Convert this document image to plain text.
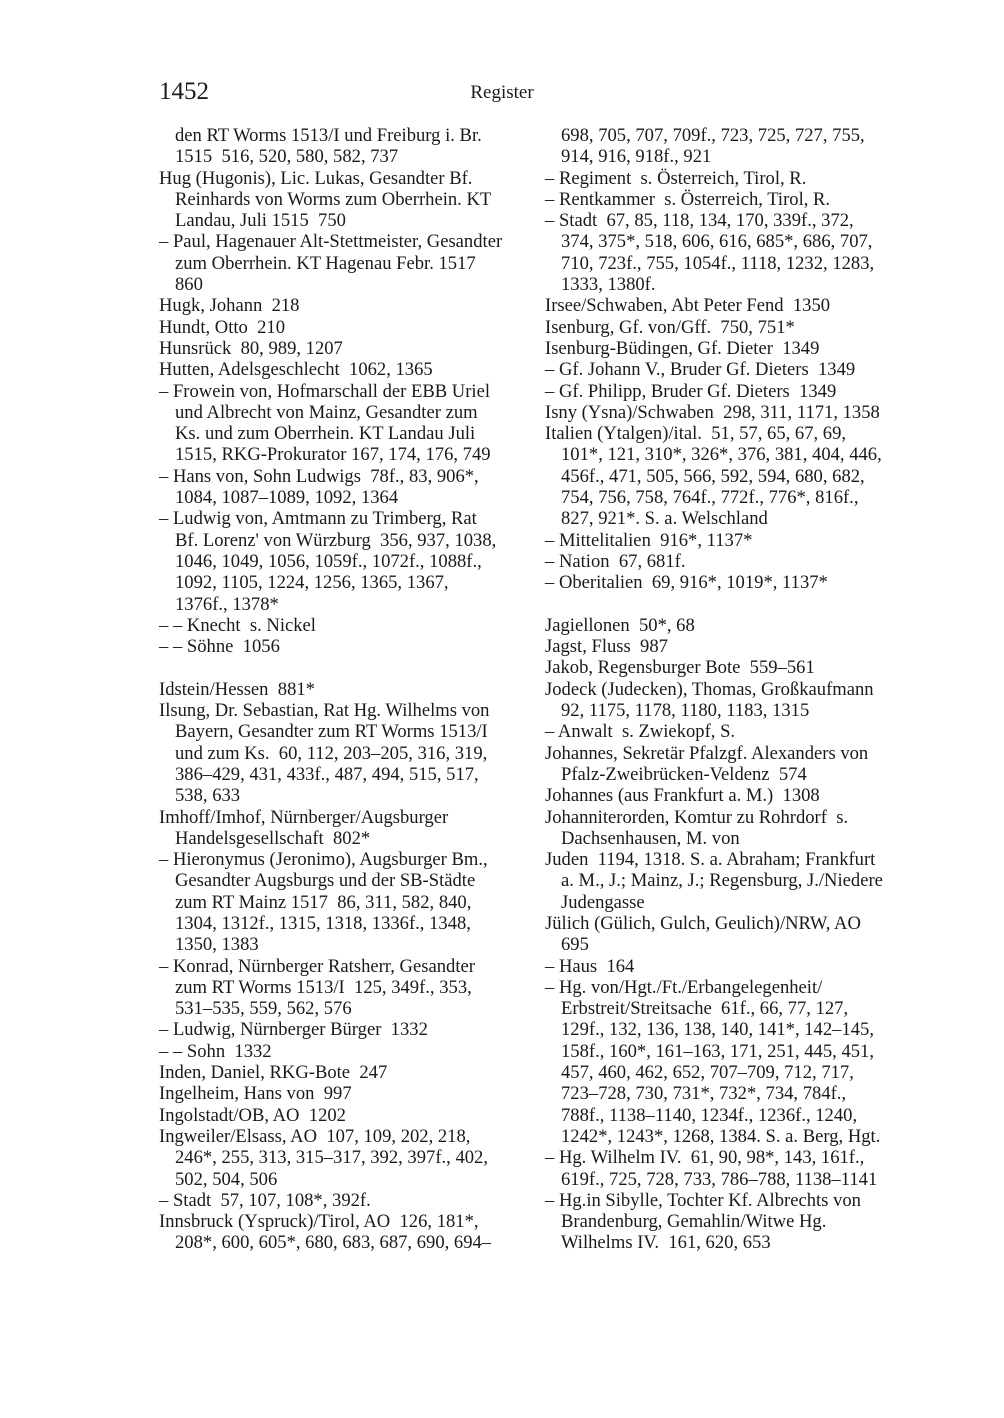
1452	Register
den RT Worms 1513/I und Freiburg i. Br.
1515  516, 520, 580, 582, 737
Hug (Hugonis), Lic. Lukas, Gesandter Bf.
Reinhards von Worms zum Oberrhein. KT
Landau, Juli 1515  750
– Paul, Hagenauer Alt-Stettmeister, Gesandter
zum Oberrhein. KT Hagenau Febr. 1517
860
Hugk, Johann  218
Hundt, Otto  210
Hunsrück  80, 989, 1207
Hutten, Adelsgeschlecht  1062, 1365
– Frowein von, Hofmarschall der EBB Uriel
und Albrecht von Mainz, Gesandter zum
Ks. und zum Oberrhein. KT Landau Juli
1515, RKG-Prokurator 167, 174, 176, 749
– Hans von, Sohn Ludwigs  78f., 83, 906*,
1084, 1087–1089, 1092, 1364
– Ludwig von, Amtmann zu Trimberg, Rat
Bf. Lorenz' von Würzburg  356, 937, 1038,
1046, 1049, 1056, 1059f., 1072f., 1088f.,
1092, 1105, 1224, 1256, 1365, 1367,
1376f., 1378*
– – Knecht  s. Nickel
– – Söhne  1056
Idstein/Hessen  881*
Ilsung, Dr. Sebastian, Rat Hg. Wilhelms von
Bayern, Gesandter zum RT Worms 1513/I
und zum Ks.  60, 112, 203–205, 316, 319,
386–429, 431, 433f., 487, 494, 515, 517,
538, 633
Imhoff/Imhof, Nürnberger/Augsburger
Handelsgesellschaft  802*
– Hieronymus (Jeronimo), Augsburger Bm.,
Gesandter Augsburgs und der SB-Städte
zum RT Mainz 1517  86, 311, 582, 840,
1304, 1312f., 1315, 1318, 1336f., 1348,
1350, 1383
– Konrad, Nürnberger Ratsherr, Gesandter
zum RT Worms 1513/I  125, 349f., 353,
531–535, 559, 562, 576
– Ludwig, Nürnberger Bürger  1332
– – Sohn  1332
Inden, Daniel, RKG-Bote  247
Ingelheim, Hans von  997
Ingolstadt/OB, AO  1202
Ingweiler/Elsass, AO  107, 109, 202, 218,
246*, 255, 313, 315–317, 392, 397f., 402,
502, 504, 506
– Stadt  57, 107, 108*, 392f.
Innsbruck (Yspruck)/Tirol, AO  126, 181*,
208*, 600, 605*, 680, 683, 687, 690, 694–
698, 705, 707, 709f., 723, 725, 727, 755,
914, 916, 918f., 921
– Regiment  s. Österreich, Tirol, R.
– Rentkammer  s. Österreich, Tirol, R.
– Stadt  67, 85, 118, 134, 170, 339f., 372,
374, 375*, 518, 606, 616, 685*, 686, 707,
710, 723f., 755, 1054f., 1118, 1232, 1283,
1333, 1380f.
Irsee/Schwaben, Abt Peter Fend  1350
Isenburg, Gf. von/Gff.  750, 751*
Isenburg-Büdingen, Gf. Dieter  1349
– Gf. Johann V., Bruder Gf. Dieters  1349
– Gf. Philipp, Bruder Gf. Dieters  1349
Isny (Ysna)/Schwaben  298, 311, 1171, 1358
Italien (Ytalgen)/ital.  51, 57, 65, 67, 69,
101*, 121, 310*, 326*, 376, 381, 404, 446,
456f., 471, 505, 566, 592, 594, 680, 682,
754, 756, 758, 764f., 772f., 776*, 816f.,
827, 921*. S. a. Welschland
– Mittelitalien  916*, 1137*
– Nation  67, 681f.
– Oberitalien  69, 916*, 1019*, 1137*
Jagiellonen  50*, 68
Jagst, Fluss  987
Jakob, Regensburger Bote  559–561
Jodeck (Judecken), Thomas, Großkaufmann
92, 1175, 1178, 1180, 1183, 1315
– Anwalt  s. Zwiekopf, S.
Johannes, Sekretär Pfalzgf. Alexanders von
Pfalz-Zweibrücken-Veldenz  574
Johannes (aus Frankfurt a. M.)  1308
Johanniterorden, Komtur zu Rohrdorf  s.
Dachsenhausen, M. von
Juden  1194, 1318. S. a. Abraham; Frankfurt
a. M., J.; Mainz, J.; Regensburg, J./Niedere
Judengasse
Jülich (Gülich, Gulch, Geulich)/NRW, AO
695
– Haus  164
– Hg. von/Hgt./Ft./Erbangelegenheit/
Erbstreit/Streitsache  61f., 66, 77, 127,
129f., 132, 136, 138, 140, 141*, 142–145,
158f., 160*, 161–163, 171, 251, 445, 451,
457, 460, 462, 652, 707–709, 712, 717,
723–728, 730, 731*, 732*, 734, 784f.,
788f., 1138–1140, 1234f., 1236f., 1240,
1242*, 1243*, 1268, 1384. S. a. Berg, Hgt.
– Hg. Wilhelm IV.  61, 90, 98*, 143, 161f.,
619f., 725, 728, 733, 786–788, 1138–1141
– Hg.in Sibylle, Tochter Kf. Albrechts von
Brandenburg, Gemahlin/Witwe Hg.
Wilhelms IV.  161, 620, 653
